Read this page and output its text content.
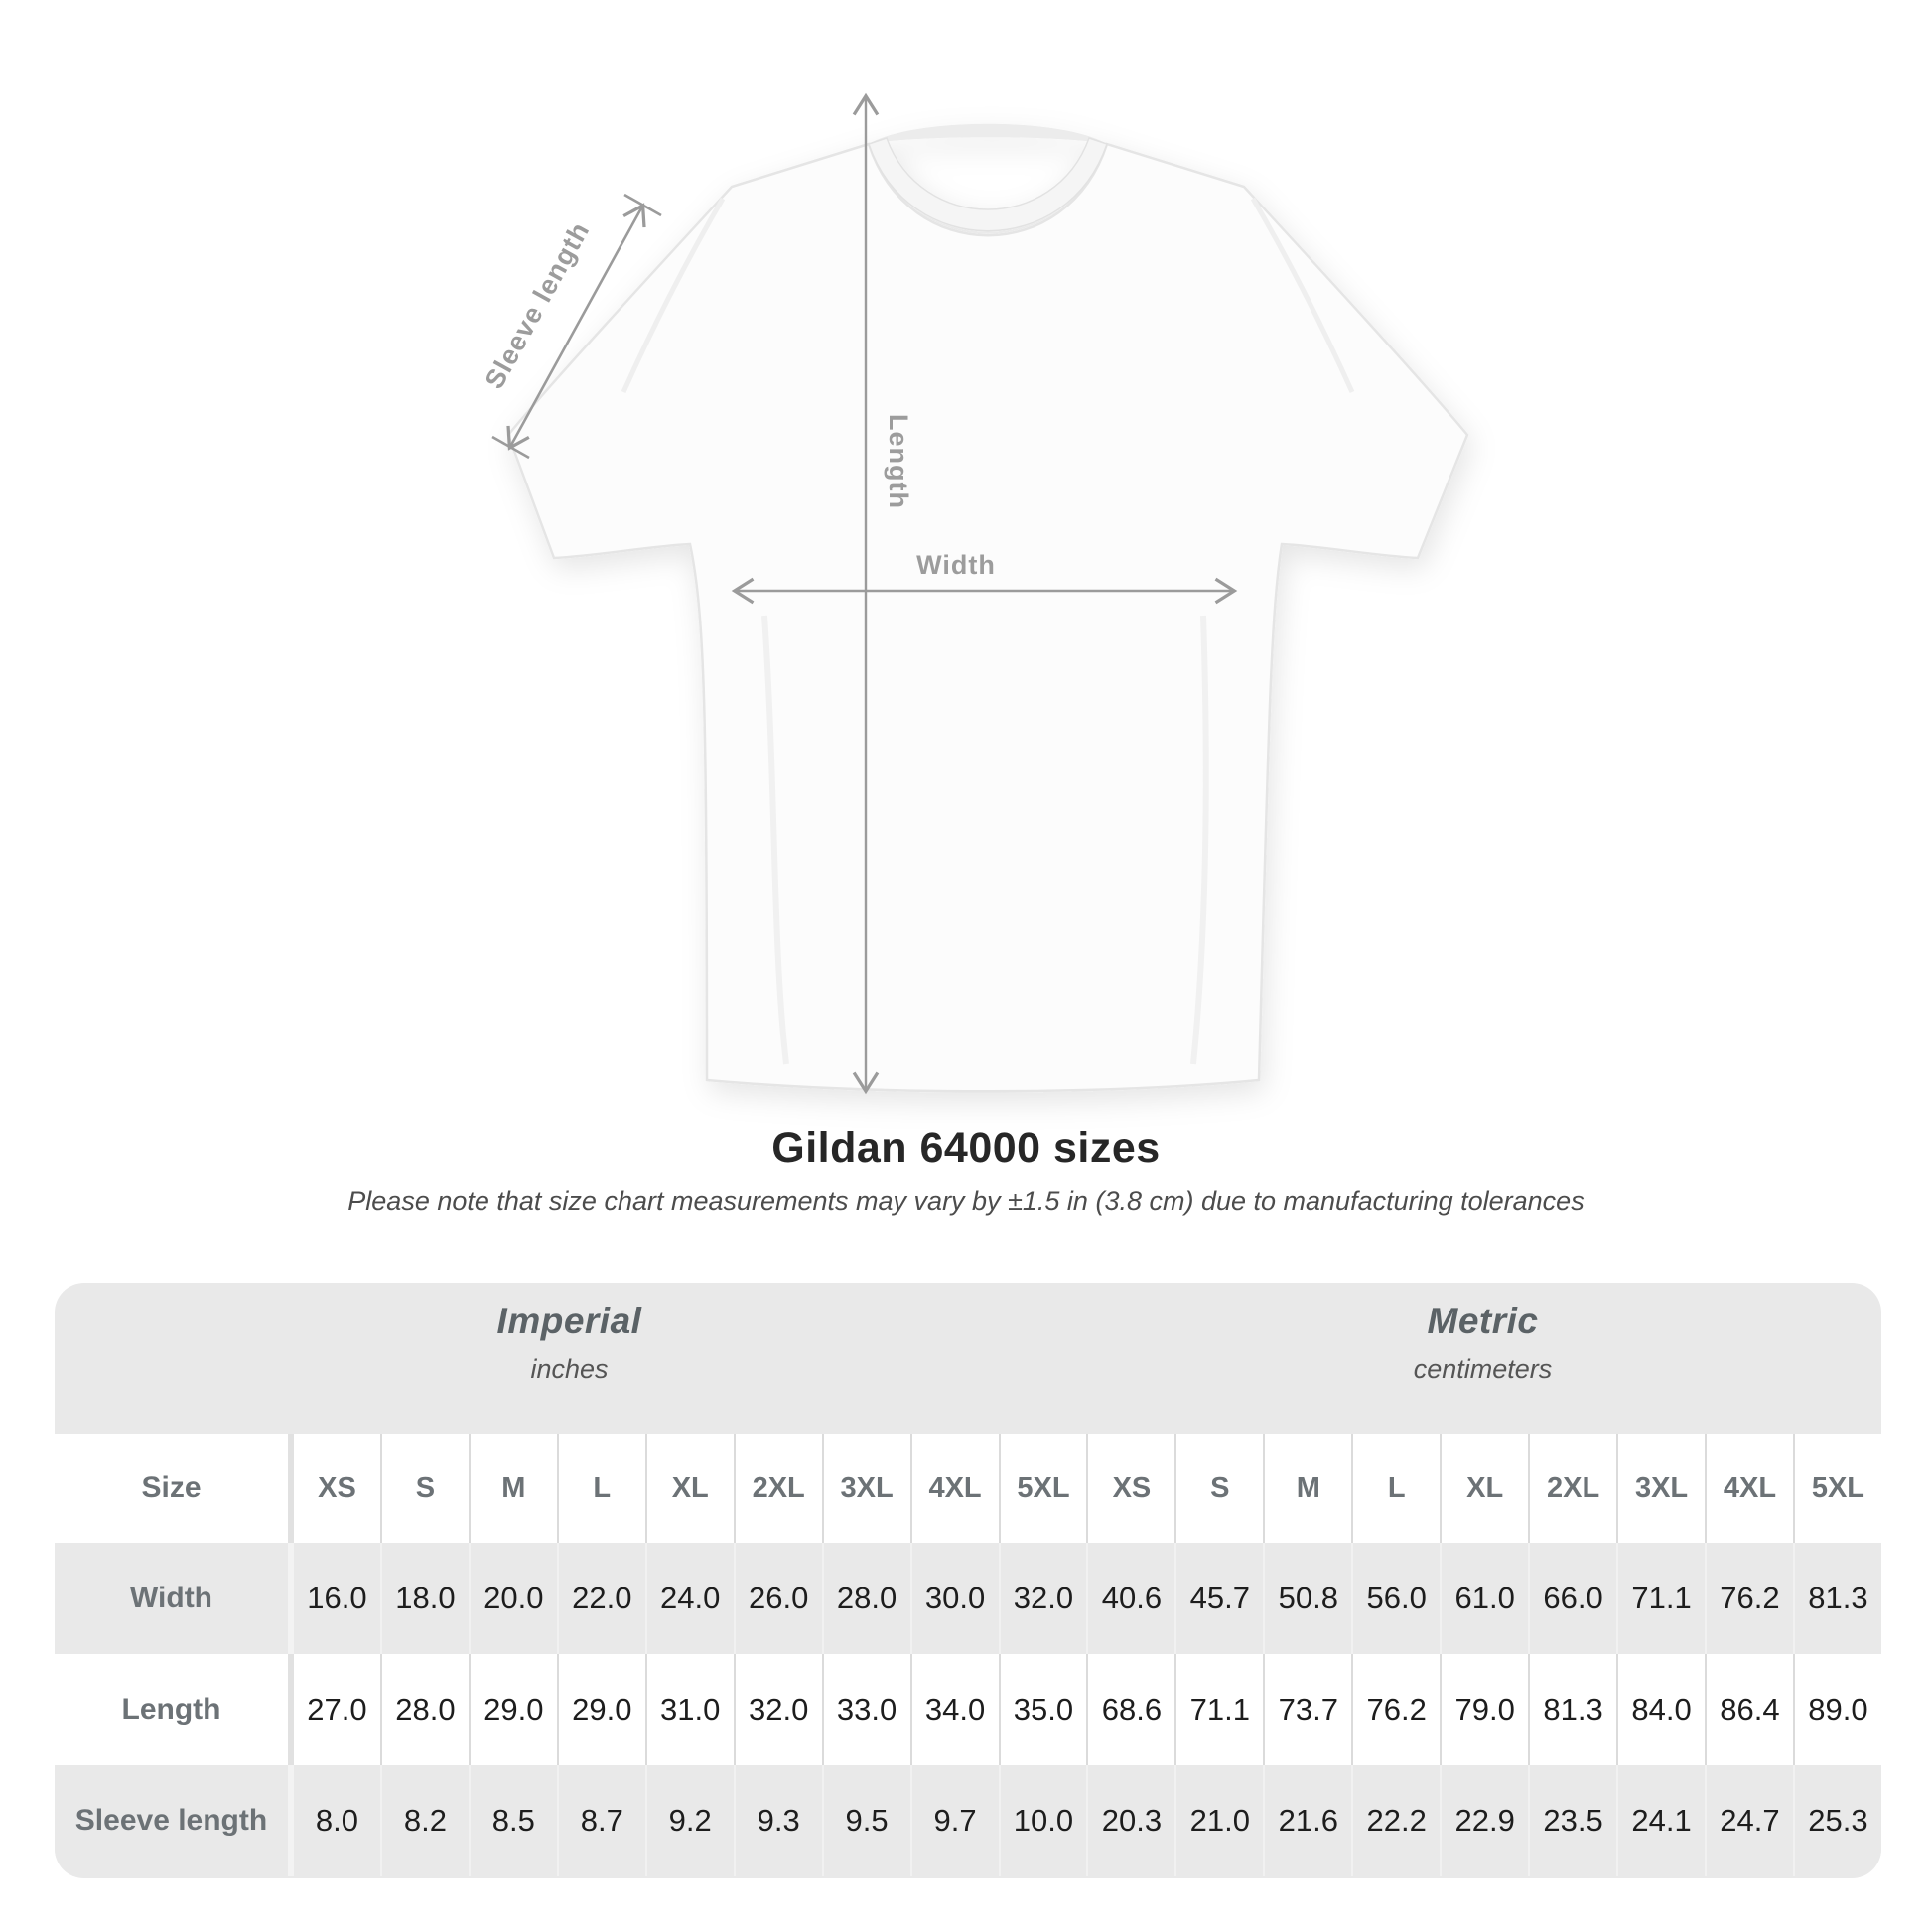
Sleeve length
Length
Width
Gildan 64000 sizes

Please note that size chart measurements may vary by ±1.5 in (3.8 cm) due to manufacturing tolerances

Imperial
inches
Metric
centimeters
Size	XS	S	M	L	XL	2XL	3XL	4XL	5XL	XS	S	M	L	XL	2XL	3XL	4XL	5XL
Width	16.0 18.0 20.0 22.0 24.0 26.0 28.0 30.0 32.0 40.6 45.7 50.8 56.0 61.0 66.0 71.1 76.2 81.3
Length	27.0 28.0 29.0 29.0 31.0 32.0 33.0 34.0 35.0 68.6 71.1 73.7 76.2 79.0 81.3 84.0 86.4 89.0
Sleeve length	8.0	8.2	8.5	8.7	9.2	9.3	9.5	9.7	10.0 20.3 21.0 21.6 22.2 22.9 23.5 24.1 24.7 25.3
